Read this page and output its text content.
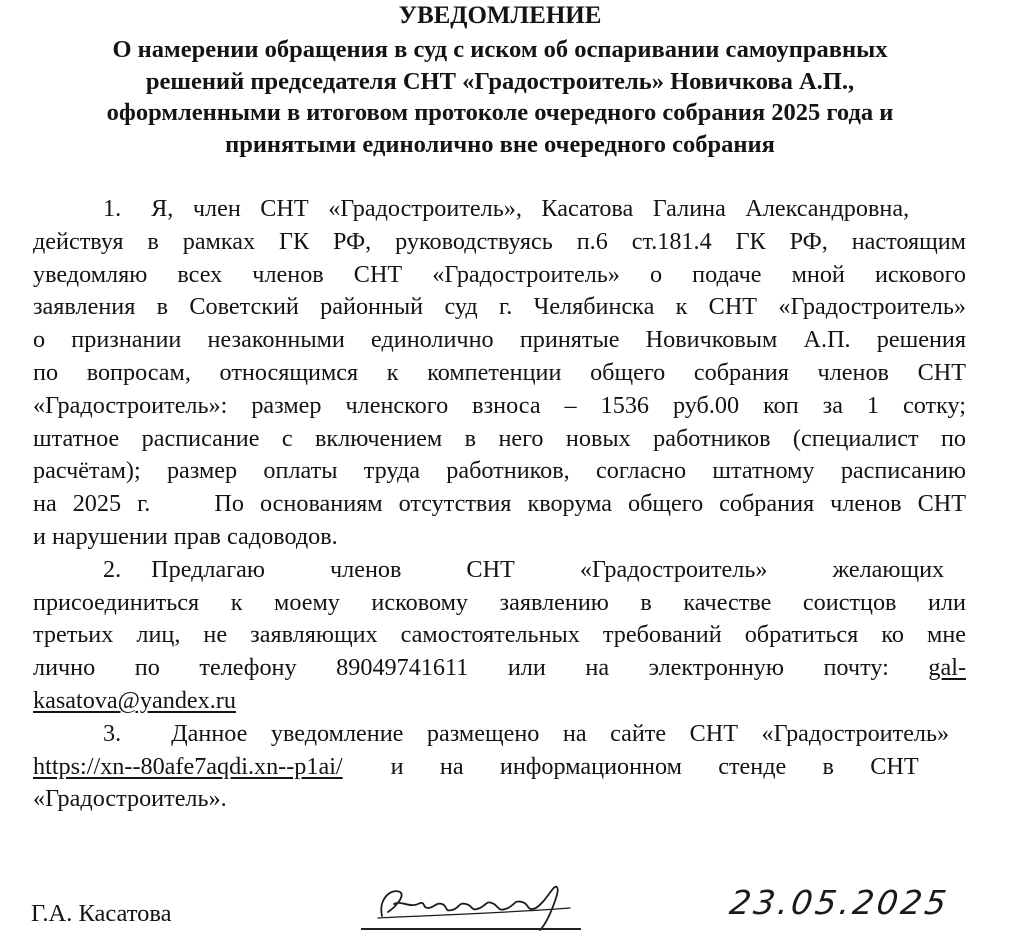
УВЕДОМЛЕНИЕ
О намерении обращения в суд с иском об оспаривании самоуправных
решений председателя СНТ «Градостроитель» Новичкова А.П.,
оформленными в итоговом протоколе очередного собрания 2025 года и
принятыми единолично вне очередного собрания
1. Я, член СНТ «Градостроитель», Касатова Галина Александровна,
действуя в рамках ГК РФ, руководствуясь п.6 ст.181.4 ГК РФ, настоящим
уведомляю всех членов СНТ «Градостроитель» о подаче мной искового
заявления в Советский районный суд г. Челябинска к СНТ «Градостроитель»
о признании незаконными единолично принятые Новичковым А.П. решения
по вопросам, относящимся к компетенции общего собрания членов СНТ
«Градостроитель»: размер членского взноса – 1536 руб.00 коп за 1 сотку;
штатное расписание с включением в него новых работников (специалист по
расчётам); размер оплаты труда работников, согласно штатному расписанию
на 2025 г.    По основаниям отсутствия кворума общего собрания членов СНТ
и нарушении прав садоводов.
2. Предлагаю членов СНТ «Градостроитель» желающих
присоединиться к моему исковому заявлению в качестве соистцов или
третьих лиц, не заявляющих самостоятельных требований обратиться ко мне
лично по телефону 89049741611 или на электронную почту: gal-
kasatova@yandex.ru
3. Данное уведомление размещено на сайте СНТ «Градостроитель»
https://xn--80afe7aqdi.xn--p1ai/ и на информационном стенде в СНТ
«Градостроитель».
Г.А. Касатова	23.05.2025
